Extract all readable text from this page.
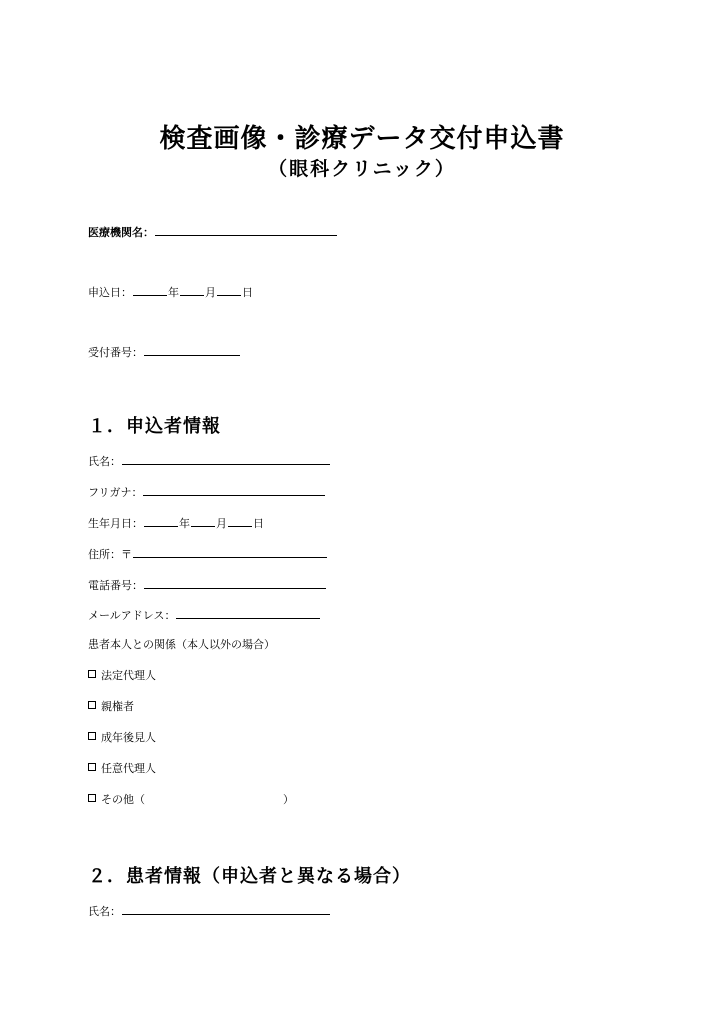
検査画像・診療データ交付申込書
（眼科クリニック）
医療機関名：
申込日：	年 月 日
受付番号：
１．申込者情報
氏名：
フリガナ：
生年月日：	年 月 日
住所：〒
電話番号：
メールアドレス：
患者本人との関係（本人以外の場合）
法定代理人
親権者
成年後見人
任意代理人
その他（	）
２．患者情報（申込者と異なる場合）
氏名：
